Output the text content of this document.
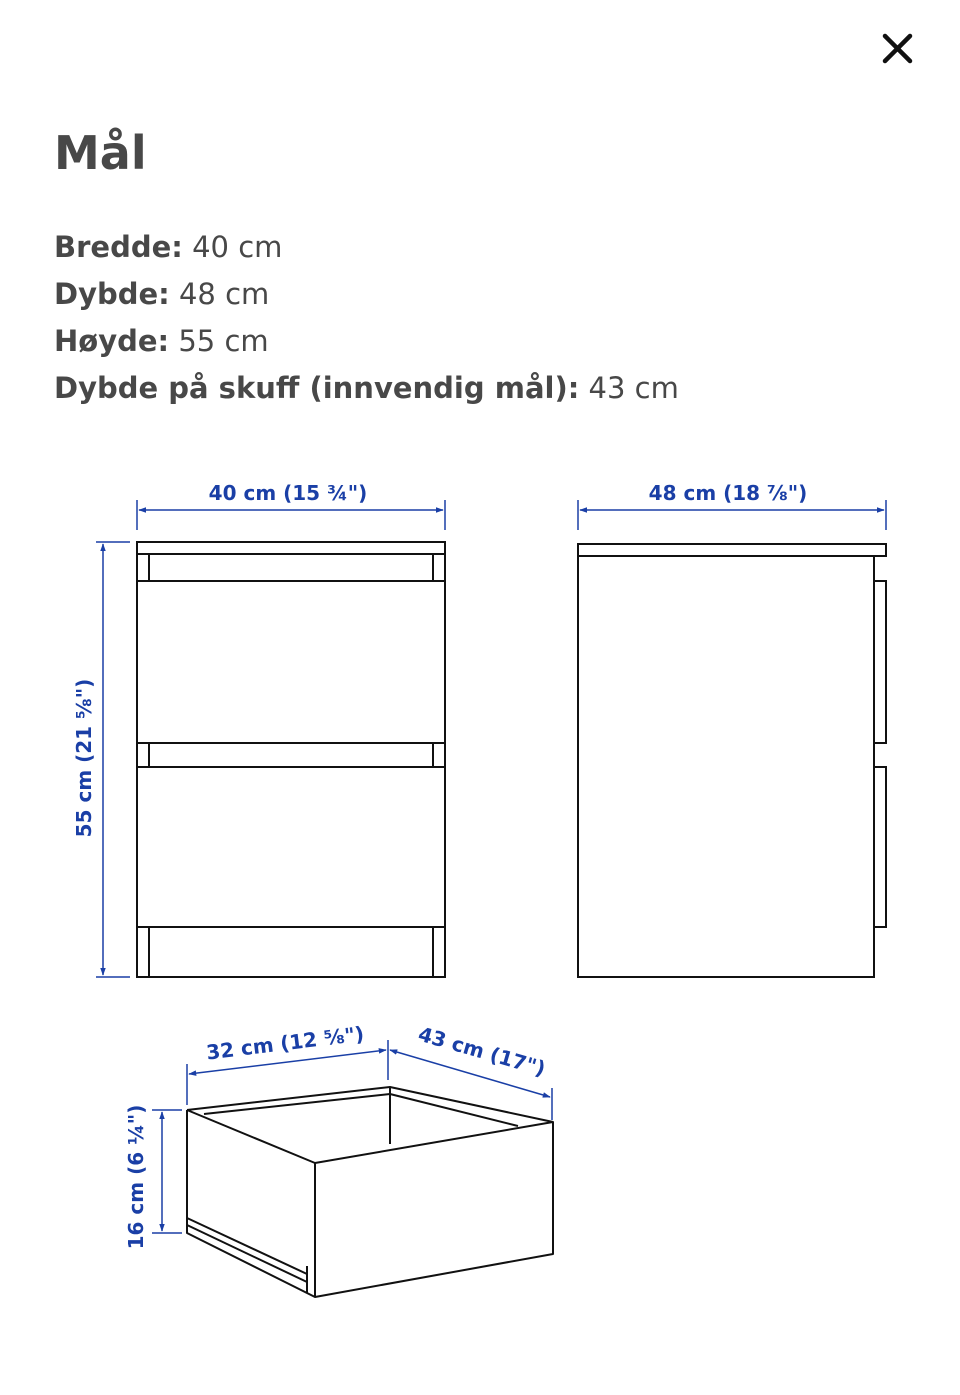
Mål
Bredde: 40 cm
Dybde: 48 cm
Høyde: 55 cm
Dybde på skuff (innvendig mål): 43 cm
40 cm (15 ¾")
55 cm (21 ⅝")
48 cm (18 ⅞")
32 cm (12 ⅝")	43 cm (17")
16 cm (6 ¼")
